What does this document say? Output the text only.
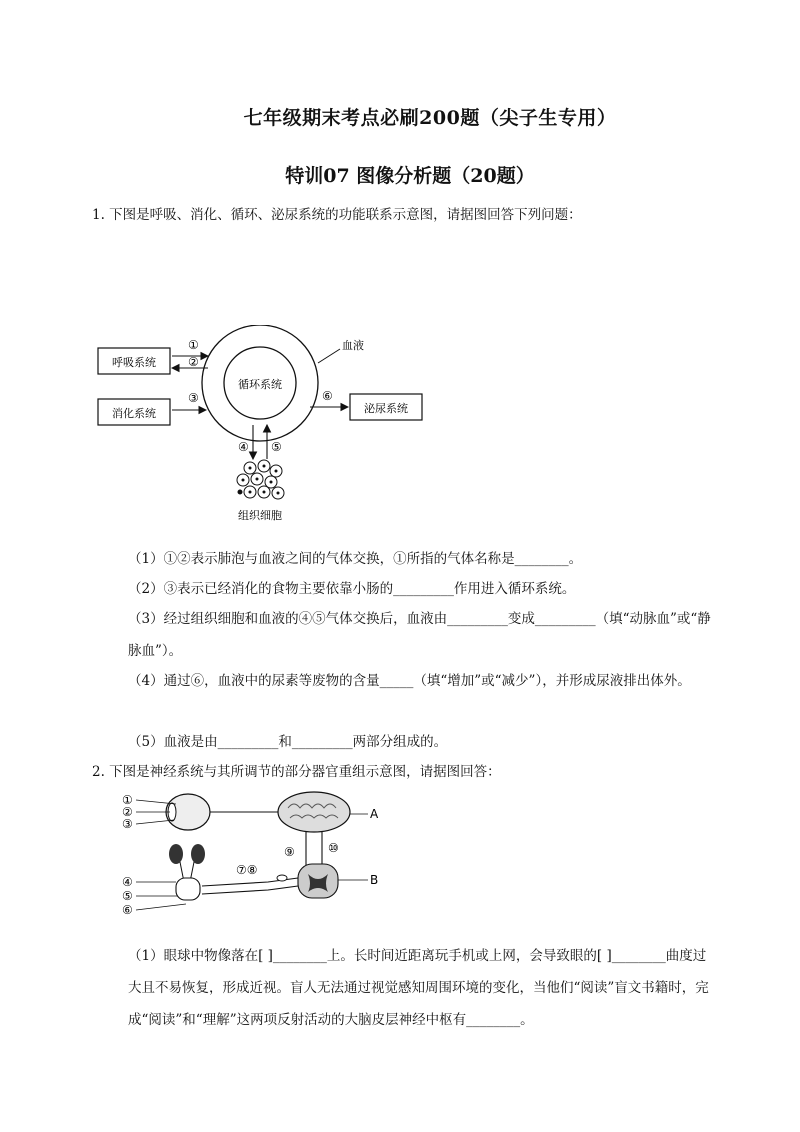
七年级期末考点必刷200题（尖子生专用）
特训07 图像分析题（20题）
1. 下图是呼吸、消化、循环、泌尿系统的功能联系示意图，请据图回答下列问题：
循环系统
呼吸系统
消化系统	泌尿系统
①
②
③	⑥
血液
④ ⑤
组织细胞
（1）①②表示肺泡与血液之间的气体交换，①所指的气体名称是________。
（2）③表示已经消化的食物主要依靠小肠的_________作用进入循环系统。
（3）经过组织细胞和血液的④⑤气体交换后，血液由_________变成_________（填“动脉血”或“静脉血”）。
（4）通过⑥，血液中的尿素等废物的含量_____（填“增加”或“减少”），并形成尿液排出体外。
（5）血液是由_________和_________两部分组成的。
2. 下图是神经系统与其所调节的部分器官重组示意图，请据图回答：
①
②
③
A
⑨	⑩
B
④
⑤
⑥
⑦⑧
（1）眼球中物像落在[ ]________上。长时间近距离玩手机或上网，会导致眼的[ ]________曲度过大且不易恢复，形成近视。盲人无法通过视觉感知周围环境的变化，当他们“阅读”盲文书籍时，完成“阅读”和“理解”这两项反射活动的大脑皮层神经中枢有________。
